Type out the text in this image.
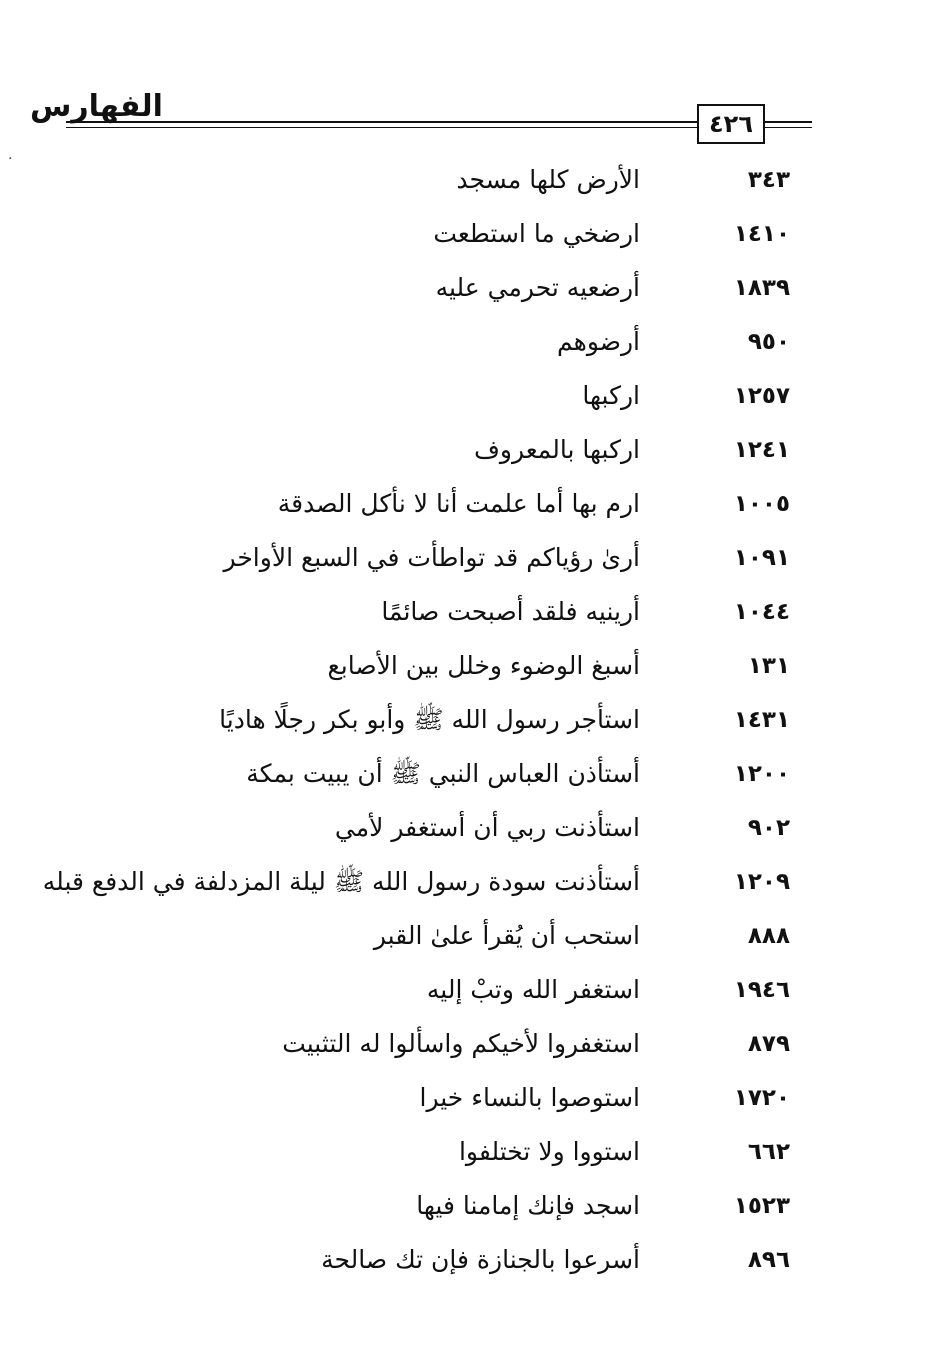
الفهارس	٤٢٦
·
٣٤٣
الأرض كلها مسجد
١٤١٠
ارضخي ما استطعت
١٨٣٩
أرضعيه تحرمي عليه
٩٥٠
أرضوهم
١٢٥٧
اركبها
١٢٤١
اركبها بالمعروف
١٠٠٥
ارم بها أما علمت أنا لا نأكل الصدقة
١٠٩١
أرىٰ رؤياكم قد تواطأت في السبع الأواخر
١٠٤٤
أرينيه فلقد أصبحت صائمًا
١٣١
أسبغ الوضوء وخلل بين الأصابع
١٤٣١
استأجر رسول الله ﷺ وأبو بكر رجلًا هاديًا
١٢٠٠
أستأذن العباس النبي ﷺ أن يبيت بمكة
٩٠٢
استأذنت ربي أن أستغفر لأمي
١٢٠٩
أستأذنت سودة رسول الله ﷺ ليلة المزدلفة في الدفع قبله
٨٨٨
استحب أن يُقرأ علىٰ القبر
١٩٤٦
استغفر الله وتبْ إليه
٨٧٩
استغفروا لأخيكم واسألوا له التثبيت
١٧٢٠
استوصوا بالنساء خيرا
٦٦٢
استووا ولا تختلفوا
١٥٢٣
اسجد فإنك إمامنا فيها
٨٩٦
أسرعوا بالجنازة فإن تك صالحة
